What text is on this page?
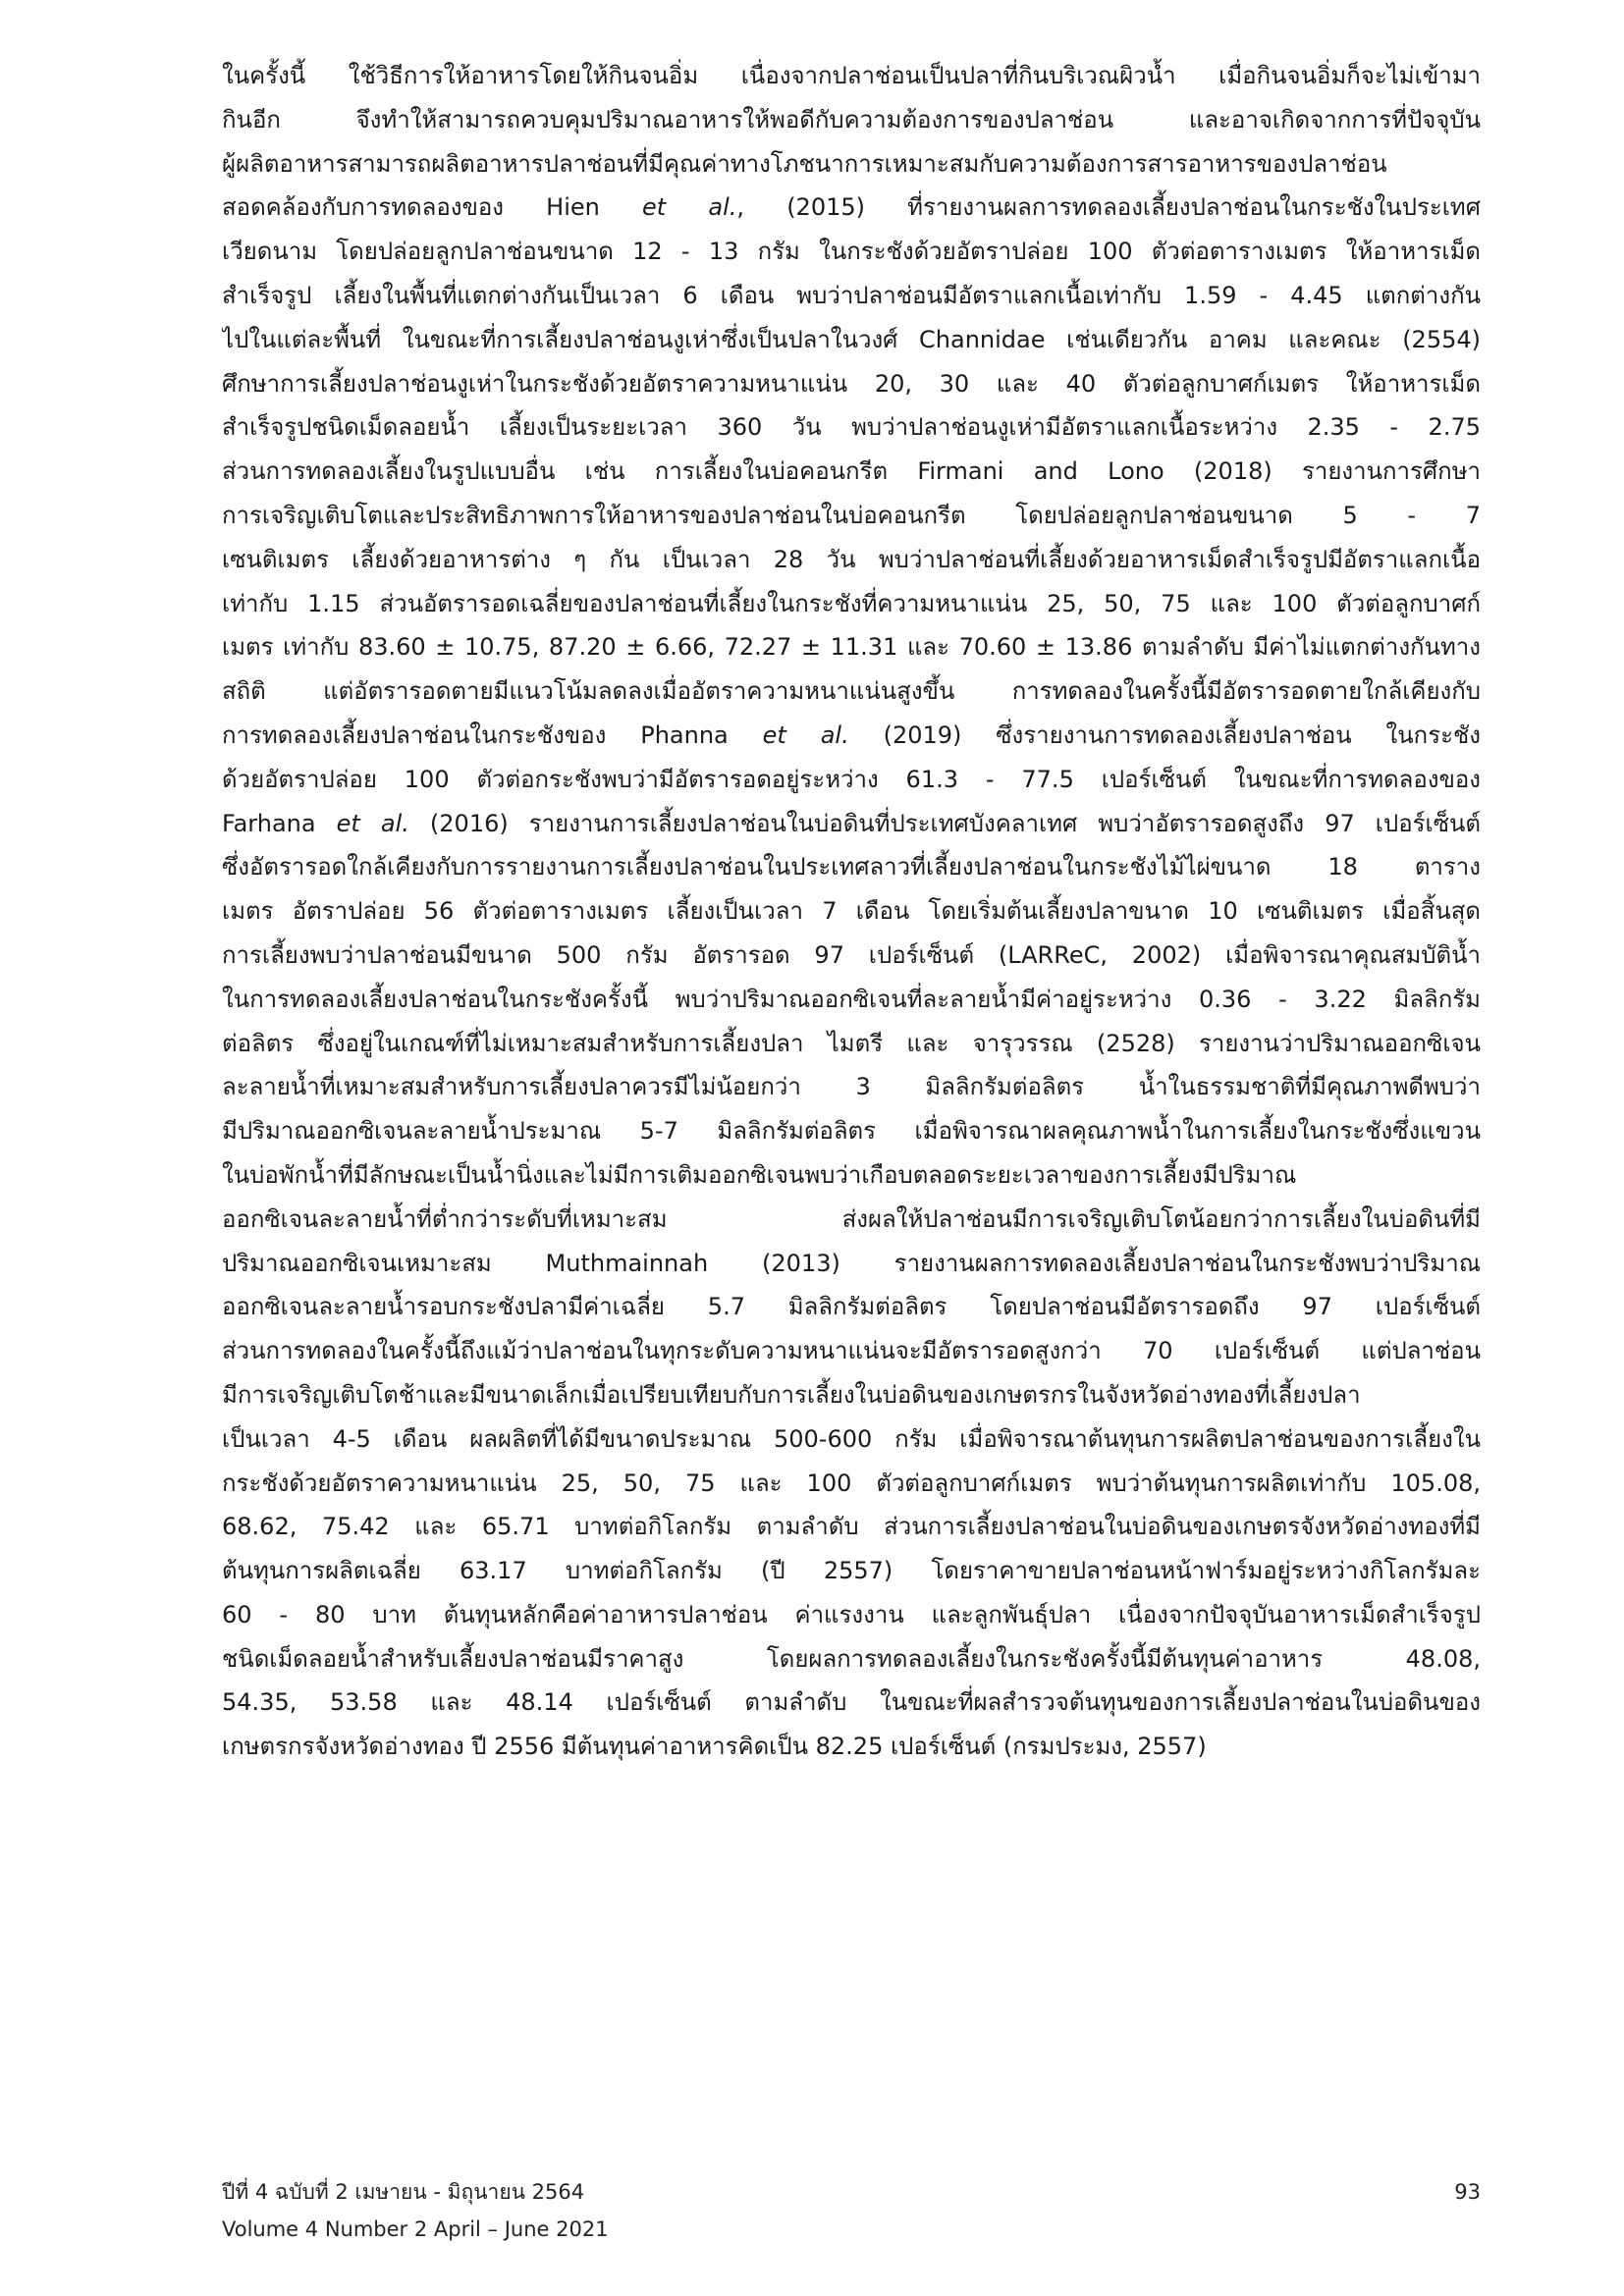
ในครั้งนี้ ใช้วิธีการให้อาหารโดยให้กินจนอิ่ม เนื่องจากปลาช่อนเป็นปลาที่กินบริเวณผิวน้ำ เมื่อกินจนอิ่มก็จะไม่เข้ามา
กินอีก จึงทำให้สามารถควบคุมปริมาณอาหารให้พอดีกับความต้องการของปลาช่อน และอาจเกิดจากการที่ปัจจุบัน
ผู้ผลิตอาหารสามารถผลิตอาหารปลาช่อนที่มีคุณค่าทางโภชนาการเหมาะสมกับความต้องการสารอาหารของปลาช่อน
สอดคล้องกับการทดลองของ Hien et al., (2015) ที่รายงานผลการทดลองเลี้ยงปลาช่อนในกระชังในประเทศ
เวียดนาม โดยปล่อยลูกปลาช่อนขนาด 12 - 13 กรัม ในกระชังด้วยอัตราปล่อย 100 ตัวต่อตารางเมตร ให้อาหารเม็ด
สำเร็จรูป เลี้ยงในพื้นที่แตกต่างกันเป็นเวลา 6 เดือน พบว่าปลาช่อนมีอัตราแลกเนื้อเท่ากับ 1.59 - 4.45 แตกต่างกัน
ไปในแต่ละพื้นที่ ในขณะที่การเลี้ยงปลาช่อนงูเห่าซึ่งเป็นปลาในวงศ์ Channidae เช่นเดียวกัน อาคม และคณะ (2554)
ศึกษาการเลี้ยงปลาช่อนงูเห่าในกระชังด้วยอัตราความหนาแน่น 20, 30 และ 40 ตัวต่อลูกบาศก์เมตร ให้อาหารเม็ด
สำเร็จรูปชนิดเม็ดลอยน้ำ เลี้ยงเป็นระยะเวลา 360 วัน พบว่าปลาช่อนงูเห่ามีอัตราแลกเนื้อระหว่าง 2.35 - 2.75
ส่วนการทดลองเลี้ยงในรูปแบบอื่น เช่น การเลี้ยงในบ่อคอนกรีต Firmani and Lono (2018) รายงานการศึกษา
การเจริญเติบโตและประสิทธิภาพการให้อาหารของปลาช่อนในบ่อคอนกรีต โดยปล่อยลูกปลาช่อนขนาด 5 - 7
เซนติเมตร เลี้ยงด้วยอาหารต่าง ๆ กัน เป็นเวลา 28 วัน พบว่าปลาช่อนที่เลี้ยงด้วยอาหารเม็ดสำเร็จรูปมีอัตราแลกเนื้อ
เท่ากับ 1.15 ส่วนอัตรารอดเฉลี่ยของปลาช่อนที่เลี้ยงในกระชังที่ความหนาแน่น 25, 50, 75 และ 100 ตัวต่อลูกบาศก์
เมตร เท่ากับ 83.60 ± 10.75, 87.20 ± 6.66, 72.27 ± 11.31 และ 70.60 ± 13.86 ตามลำดับ มีค่าไม่แตกต่างกันทาง
สถิติ แต่อัตรารอดตายมีแนวโน้มลดลงเมื่ออัตราความหนาแน่นสูงขึ้น การทดลองในครั้งนี้มีอัตรารอดตายใกล้เคียงกับ
การทดลองเลี้ยงปลาช่อนในกระชังของ Phanna et al. (2019) ซึ่งรายงานการทดลองเลี้ยงปลาช่อน ในกระชัง
ด้วยอัตราปล่อย 100 ตัวต่อกระชังพบว่ามีอัตรารอดอยู่ระหว่าง 61.3 - 77.5 เปอร์เซ็นต์ ในขณะที่การทดลองของ
Farhana et al. (2016) รายงานการเลี้ยงปลาช่อนในบ่อดินที่ประเทศบังคลาเทศ พบว่าอัตรารอดสูงถึง 97 เปอร์เซ็นต์
ซึ่งอัตรารอดใกล้เคียงกับการรายงานการเลี้ยงปลาช่อนในประเทศลาวที่เลี้ยงปลาช่อนในกระชังไม้ไผ่ขนาด 18 ตาราง
เมตร อัตราปล่อย 56 ตัวต่อตารางเมตร เลี้ยงเป็นเวลา 7 เดือน โดยเริ่มต้นเลี้ยงปลาขนาด 10 เซนติเมตร เมื่อสิ้นสุด
การเลี้ยงพบว่าปลาช่อนมีขนาด 500 กรัม อัตรารอด 97 เปอร์เซ็นต์ (LARReC, 2002) เมื่อพิจารณาคุณสมบัติน้ำ
ในการทดลองเลี้ยงปลาช่อนในกระชังครั้งนี้ พบว่าปริมาณออกซิเจนที่ละลายน้ำมีค่าอยู่ระหว่าง 0.36 - 3.22 มิลลิกรัม
ต่อลิตร ซึ่งอยู่ในเกณฑ์ที่ไม่เหมาะสมสำหรับการเลี้ยงปลา ไมตรี และ จารุวรรณ (2528) รายงานว่าปริมาณออกซิเจน
ละลายน้ำที่เหมาะสมสำหรับการเลี้ยงปลาควรมีไม่น้อยกว่า 3 มิลลิกรัมต่อลิตร น้ำในธรรมชาติที่มีคุณภาพดีพบว่า
มีปริมาณออกซิเจนละลายน้ำประมาณ 5-7 มิลลิกรัมต่อลิตร เมื่อพิจารณาผลคุณภาพน้ำในการเลี้ยงในกระชังซึ่งแขวน
ในบ่อพักน้ำที่มีลักษณะเป็นน้ำนิ่งและไม่มีการเติมออกซิเจนพบว่าเกือบตลอดระยะเวลาของการเลี้ยงมีปริมาณ
ออกซิเจนละลายน้ำที่ต่ำกว่าระดับที่เหมาะสม ส่งผลให้ปลาช่อนมีการเจริญเติบโตน้อยกว่าการเลี้ยงในบ่อดินที่มี
ปริมาณออกซิเจนเหมาะสม Muthmainnah (2013) รายงานผลการทดลองเลี้ยงปลาช่อนในกระชังพบว่าปริมาณ
ออกซิเจนละลายน้ำรอบกระชังปลามีค่าเฉลี่ย 5.7 มิลลิกรัมต่อลิตร โดยปลาช่อนมีอัตรารอดถึง 97 เปอร์เซ็นต์
ส่วนการทดลองในครั้งนี้ถึงแม้ว่าปลาช่อนในทุกระดับความหนาแน่นจะมีอัตรารอดสูงกว่า 70 เปอร์เซ็นต์ แต่ปลาช่อน
มีการเจริญเติบโตช้าและมีขนาดเล็กเมื่อเปรียบเทียบกับการเลี้ยงในบ่อดินของเกษตรกรในจังหวัดอ่างทองที่เลี้ยงปลา
เป็นเวลา 4-5 เดือน ผลผลิตที่ได้มีขนาดประมาณ 500-600 กรัม เมื่อพิจารณาต้นทุนการผลิตปลาช่อนของการเลี้ยงใน
กระชังด้วยอัตราความหนาแน่น 25, 50, 75 และ 100 ตัวต่อลูกบาศก์เมตร พบว่าต้นทุนการผลิตเท่ากับ 105.08,
68.62, 75.42 และ 65.71 บาทต่อกิโลกรัม ตามลำดับ ส่วนการเลี้ยงปลาช่อนในบ่อดินของเกษตรจังหวัดอ่างทองที่มี
ต้นทุนการผลิตเฉลี่ย 63.17 บาทต่อกิโลกรัม (ปี 2557) โดยราคาขายปลาช่อนหน้าฟาร์มอยู่ระหว่างกิโลกรัมละ
60 - 80 บาท ต้นทุนหลักคือค่าอาหารปลาช่อน ค่าแรงงาน และลูกพันธุ์ปลา เนื่องจากปัจจุบันอาหารเม็ดสำเร็จรูป
ชนิดเม็ดลอยน้ำสำหรับเลี้ยงปลาช่อนมีราคาสูง โดยผลการทดลองเลี้ยงในกระชังครั้งนี้มีต้นทุนค่าอาหาร 48.08,
54.35, 53.58 และ 48.14 เปอร์เซ็นต์ ตามลำดับ ในขณะที่ผลสำรวจต้นทุนของการเลี้ยงปลาช่อนในบ่อดินของ
เกษตรกรจังหวัดอ่างทอง ปี 2556 มีต้นทุนค่าอาหารคิดเป็น 82.25 เปอร์เซ็นต์ (กรมประมง, 2557)
ปีที่ 4 ฉบับที่ 2 เมษายน - มิถุนายน 2564
Volume 4 Number 2 April – June 2021
93
